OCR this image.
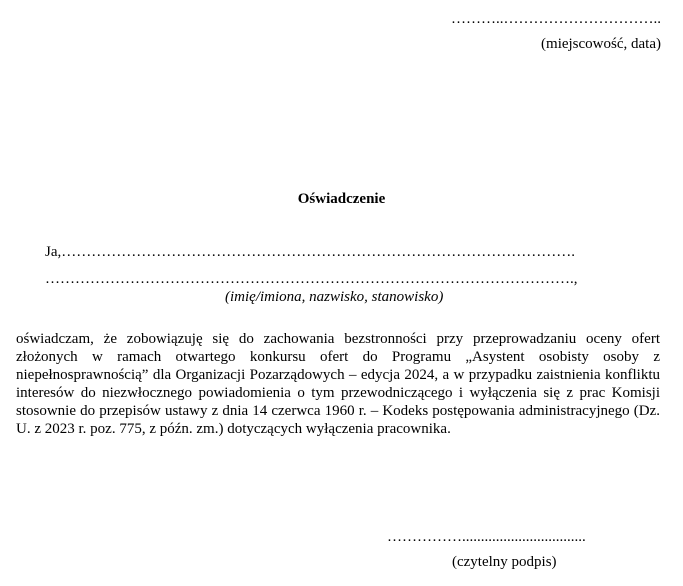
………..…………………………..
(miejscowość, data)
Oświadczenie
Ja,………………………………………………………………………………………….
…………………………………………………………………………………………….,
(imię/imiona, nazwisko, stanowisko)
oświadczam, że zobowiązuję się do zachowania bezstronności przy przeprowadzaniu oceny ofert złożonych w ramach otwartego konkursu ofert do Programu „Asystent osobisty osoby z niepełnosprawnością” dla Organizacji Pozarządowych – edycja 2024, a w przypadku zaistnienia konfliktu interesów do niezwłocznego powiadomienia o tym przewodniczącego i wyłączenia się z prac Komisji stosownie do przepisów ustawy z dnia 14 czerwca 1960 r. – Kodeks postępowania administracyjnego (Dz. U. z 2023 r. poz. 775, z późn. zm.) dotyczących wyłączenia pracownika.
…………….................................
(czytelny podpis)
